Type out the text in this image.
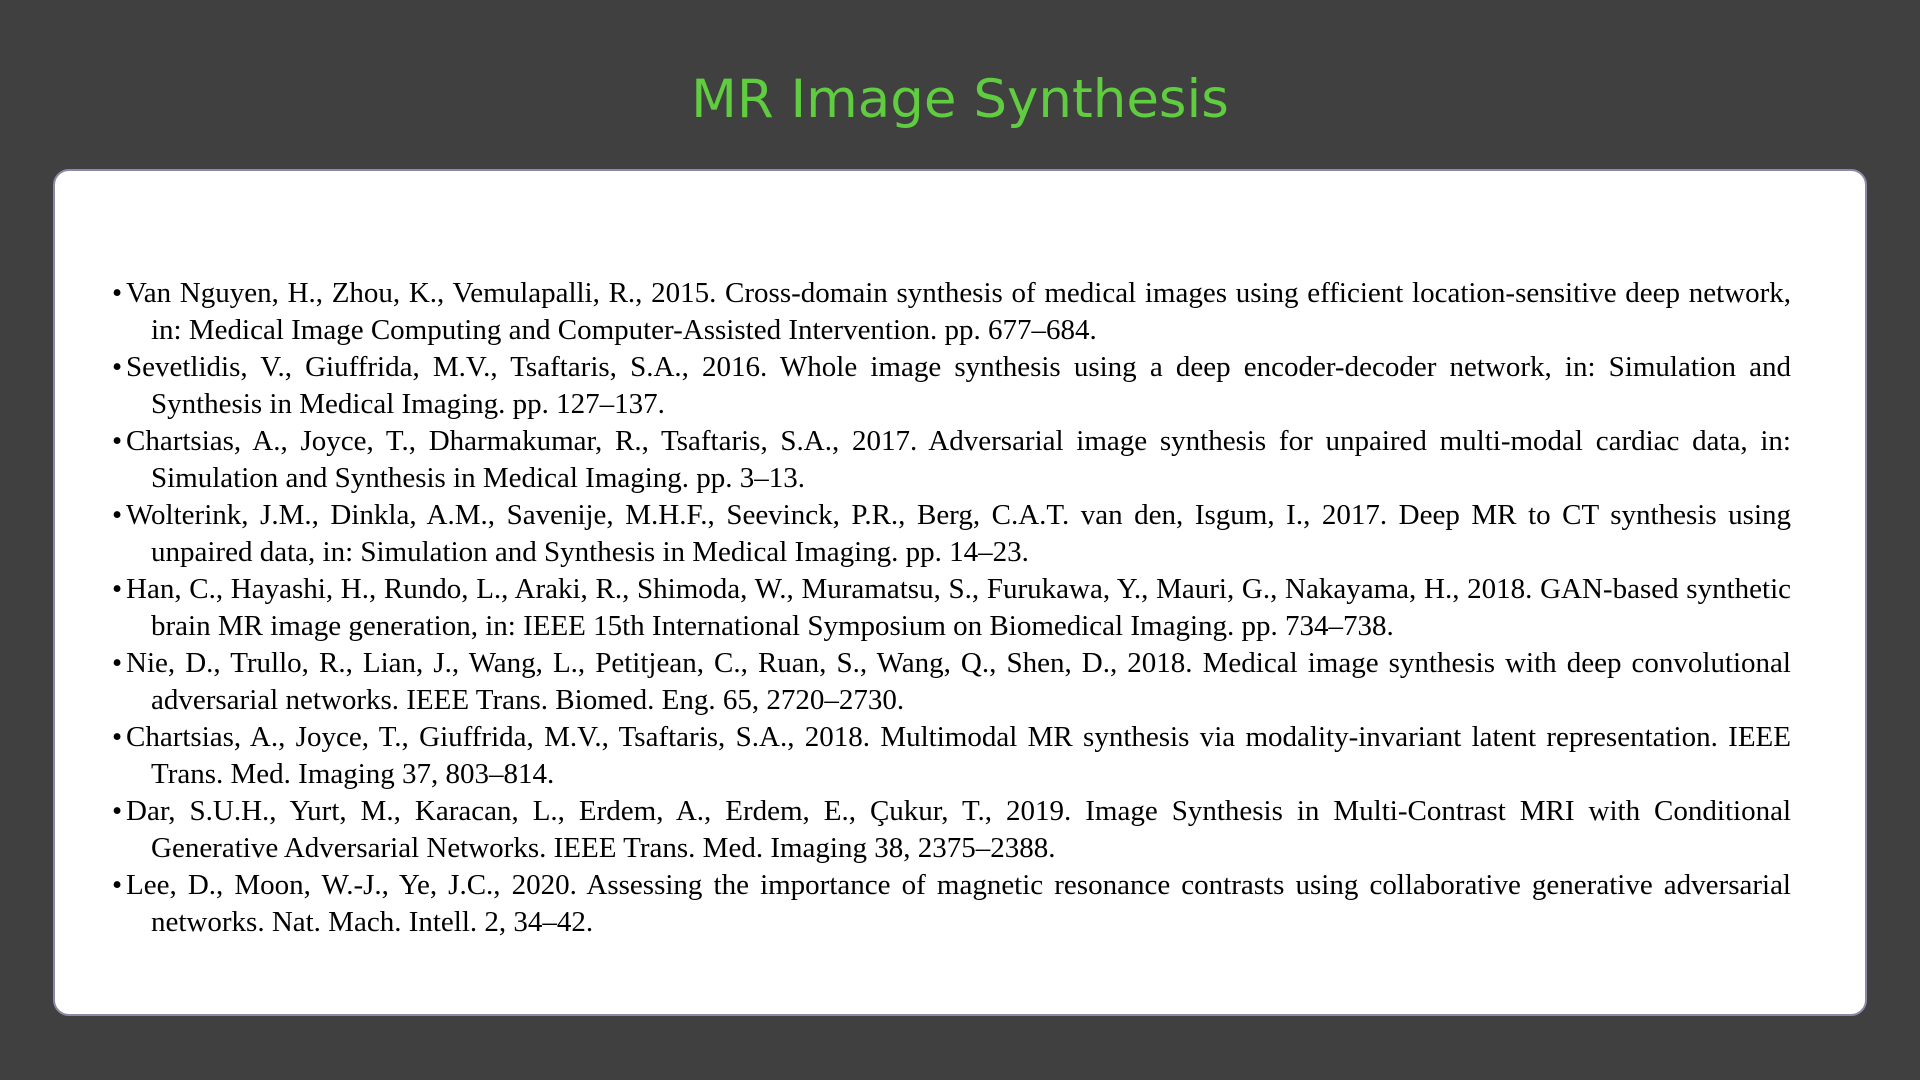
MR Image Synthesis
• Van Nguyen, H., Zhou, K., Vemulapalli, R., 2015. Cross-domain synthesis of medical images using efficient location-sensitive deep network, in: Medical Image Computing and Computer-Assisted Intervention. pp. 677–684.
• Sevetlidis, V., Giuffrida, M.V., Tsaftaris, S.A., 2016. Whole image synthesis using a deep encoder-decoder network, in: Simulation and Synthesis in Medical Imaging. pp. 127–137.
• Chartsias, A., Joyce, T., Dharmakumar, R., Tsaftaris, S.A., 2017. Adversarial image synthesis for unpaired multi-modal cardiac data, in: Simulation and Synthesis in Medical Imaging. pp. 3–13.
• Wolterink, J.M., Dinkla, A.M., Savenije, M.H.F., Seevinck, P.R., Berg, C.A.T. van den, Isgum, I., 2017. Deep MR to CT synthesis using unpaired data, in: Simulation and Synthesis in Medical Imaging. pp. 14–23.
• Han, C., Hayashi, H., Rundo, L., Araki, R., Shimoda, W., Muramatsu, S., Furukawa, Y., Mauri, G., Nakayama, H., 2018. GAN-based synthetic brain MR image generation, in: IEEE 15th International Symposium on Biomedical Imaging. pp. 734–738.
• Nie, D., Trullo, R., Lian, J., Wang, L., Petitjean, C., Ruan, S., Wang, Q., Shen, D., 2018. Medical image synthesis with deep convolutional adversarial networks. IEEE Trans. Biomed. Eng. 65, 2720–2730.
• Chartsias, A., Joyce, T., Giuffrida, M.V., Tsaftaris, S.A., 2018. Multimodal MR synthesis via modality-invariant latent representation. IEEE Trans. Med. Imaging 37, 803–814.
• Dar, S.U.H., Yurt, M., Karacan, L., Erdem, A., Erdem, E., Çukur, T., 2019. Image Synthesis in Multi-Contrast MRI with Conditional Generative Adversarial Networks. IEEE Trans. Med. Imaging 38, 2375–2388.
• Lee, D., Moon, W.-J., Ye, J.C., 2020. Assessing the importance of magnetic resonance contrasts using collaborative generative adversarial networks. Nat. Mach. Intell. 2, 34–42.
